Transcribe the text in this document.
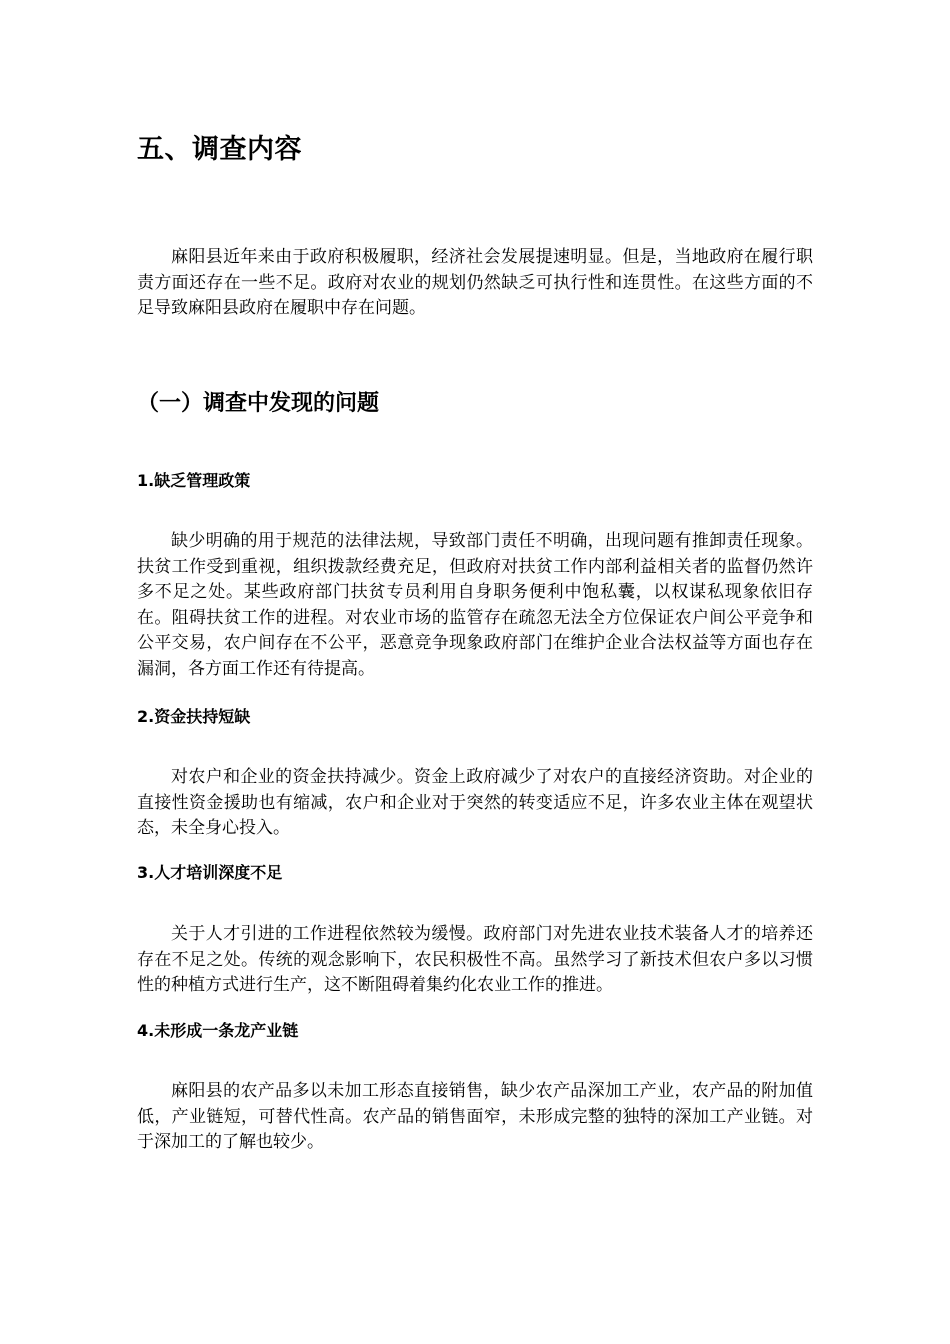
五、调查内容

麻阳县近年来由于政府积极履职，经济社会发展提速明显。但是，当地政府在履行职责方面还存在一些不足。政府对农业的规划仍然缺乏可执行性和连贯性。在这些方面的不足导致麻阳县政府在履职中存在问题。

（一）调查中发现的问题
1.缺乏管理政策

缺少明确的用于规范的法律法规，导致部门责任不明确，出现问题有推卸责任现象。扶贫工作受到重视，组织拨款经费充足，但政府对扶贫工作内部利益相关者的监督仍然许多不足之处。某些政府部门扶贫专员利用自身职务便利中饱私囊，以权谋私现象依旧存在。阻碍扶贫工作的进程。对农业市场的监管存在疏忽无法全方位保证农户间公平竞争和公平交易，农户间存在不公平，恶意竞争现象政府部门在维护企业合法权益等方面也存在漏洞，各方面工作还有待提高。

2.资金扶持短缺

对农户和企业的资金扶持减少。资金上政府减少了对农户的直接经济资助。对企业的直接性资金援助也有缩减，农户和企业对于突然的转变适应不足，许多农业主体在观望状态，未全身心投入。

3.人才培训深度不足

关于人才引进的工作进程依然较为缓慢。政府部门对先进农业技术装备人才的培养还存在不足之处。传统的观念影响下，农民积极性不高。虽然学习了新技术但农户多以习惯性的种植方式进行生产，这不断阻碍着集约化农业工作的推进。

4.未形成一条龙产业链

麻阳县的农产品多以未加工形态直接销售，缺少农产品深加工产业，农产品的附加值低，产业链短，可替代性高。农产品的销售面窄，未形成完整的独特的深加工产业链。对于深加工的了解也较少。
